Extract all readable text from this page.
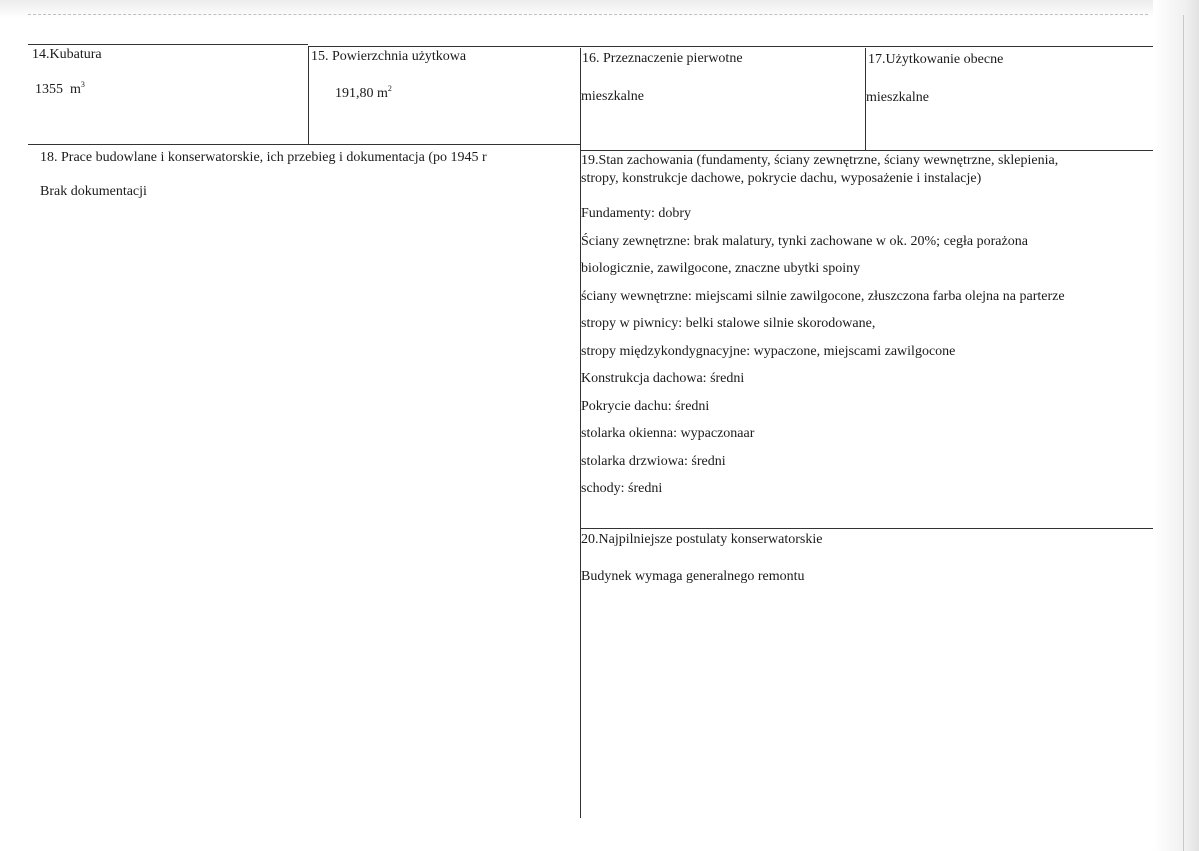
14.Kubatura
1355 $m^3$
15. Powierzchnia użytkowa
191,80 $m^2$
16. Przeznaczenie pierwotne
mieszkalne
17.Użytkowanie obecne
mieszkalne
18. Prace budowlane i konserwatorskie, ich przebieg i dokumentacja (po 1945 r
Brak dokumentacji
19.Stan zachowania (fundamenty, ściany zewnętrzne, ściany wewnętrzne, sklepienia,
stropy, konstrukcje dachowe, pokrycie dachu, wyposażenie i instalacje)
Fundamenty: dobry
Ściany zewnętrzne: brak malatury, tynki zachowane w ok. 20%; cegła porażona
biologicznie, zawilgocone, znaczne ubytki spoiny
ściany wewnętrzne: miejscami silnie zawilgocone, złuszczona farba olejna na parterze
stropy w piwnicy: belki stalowe silnie skorodowane,
stropy międzykondygnacyjne: wypaczone, miejscami zawilgocone
Konstrukcja dachowa: średni
Pokrycie dachu: średni
stolarka okienna: wypaczonaar
stolarka drzwiowa: średni
schody: średni
20.Najpilniejsze postulaty konserwatorskie
Budynek wymaga generalnego remontu
